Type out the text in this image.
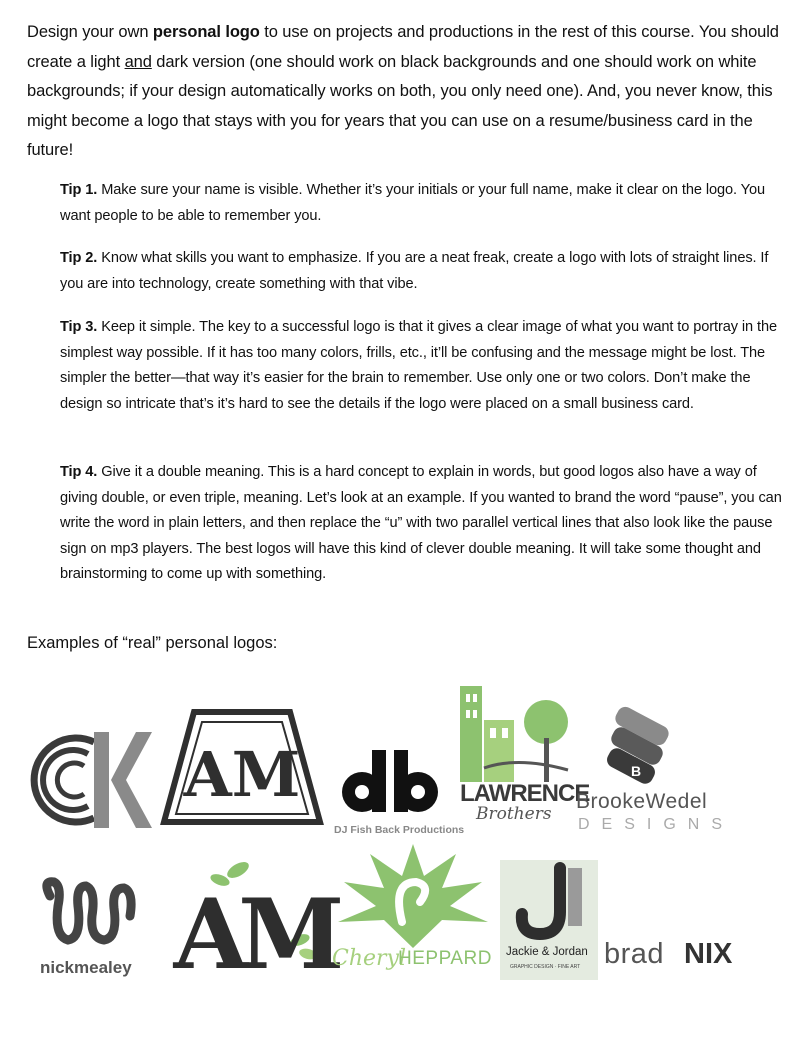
Design your own personal logo to use on projects and productions in the rest of this course. You should create a light and dark version (one should work on black backgrounds and one should work on white backgrounds; if your design automatically works on both, you only need one). And, you never know, this might become a logo that stays with you for years that you can use on a resume/business card in the future!
Tip 1. Make sure your name is visible. Whether it’s your initials or your full name, make it clear on the logo. You want people to be able to remember you.
Tip 2. Know what skills you want to emphasize. If you are a neat freak, create a logo with lots of straight lines. If you are into technology, create something with that vibe.
Tip 3. Keep it simple. The key to a successful logo is that it gives a clear image of what you want to portray in the simplest way possible. If it has too many colors, frills, etc., it’ll be confusing and the message might be lost. The simpler the better—that way it’s easier for the brain to remember. Use only one or two colors. Don’t make the design so intricate that’s it’s hard to see the details if the logo were placed on a small business card.
Tip 4. Give it a double meaning. This is a hard concept to explain in words, but good logos also have a way of giving double, or even triple, meaning. Let’s look at an example. If you wanted to brand the word “pause”, you can write the word in plain letters, and then replace the “u” with two parallel vertical lines that also look like the pause sign on mp3 players. The best logos will have this kind of clever double meaning. It will take some thought and brainstorming to come up with something.
Examples of “real” personal logos:
AM
DJ Fish Back Productions
LAWRENCE
Brothers
B
BrookeWedel
DESIGNS
nickmealey AM
Cheryl
HEPPARD
J
Jackie & Jordan
GRAPHIC DESIGN · FINE ART brad NIX
